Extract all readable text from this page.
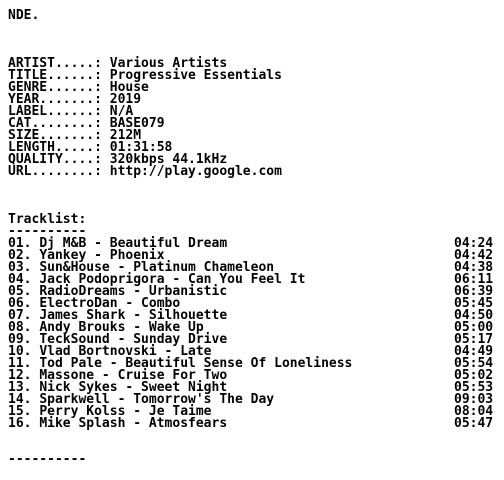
NDE.
ARTIST.....: Various Artists
TITLE......: Progressive Essentials
GENRE......: House
YEAR.......: 2019
LABEL......: N/A
CAT........: BASE079
SIZE.......: 212M
LENGTH.....: 01:31:58
QUALITY....: 320kbps 44.1kHz
URL........: http://play.google.com
Tracklist:
----------
01. Dj M&B - Beautiful Dream	04:24
02. Yankey - Phoenix	04:42
03. Sun&House - Platinum Chameleon	04:38
04. Jack Podoprigora - Can You Feel It	06:11
05. RadioDreams - Urbanistic	06:39
06. ElectroDan - Combo	05:45
07. James Shark - Silhouette	04:50
08. Andy Brouks - Wake Up	05:00
09. TeckSound - Sunday Drive	05:17
10. Vlad Bortnovski - Late	04:49
11. Tod Pale - Beautiful Sense Of Loneliness	05:54
12. Massone - Cruise For Two	05:02
13. Nick Sykes - Sweet Night	05:53
14. Sparkwell - Tomorrow's The Day	09:03
15. Perry Kolss - Je Taime	08:04
16. Mike Splash - Atmosfears	05:47
----------
